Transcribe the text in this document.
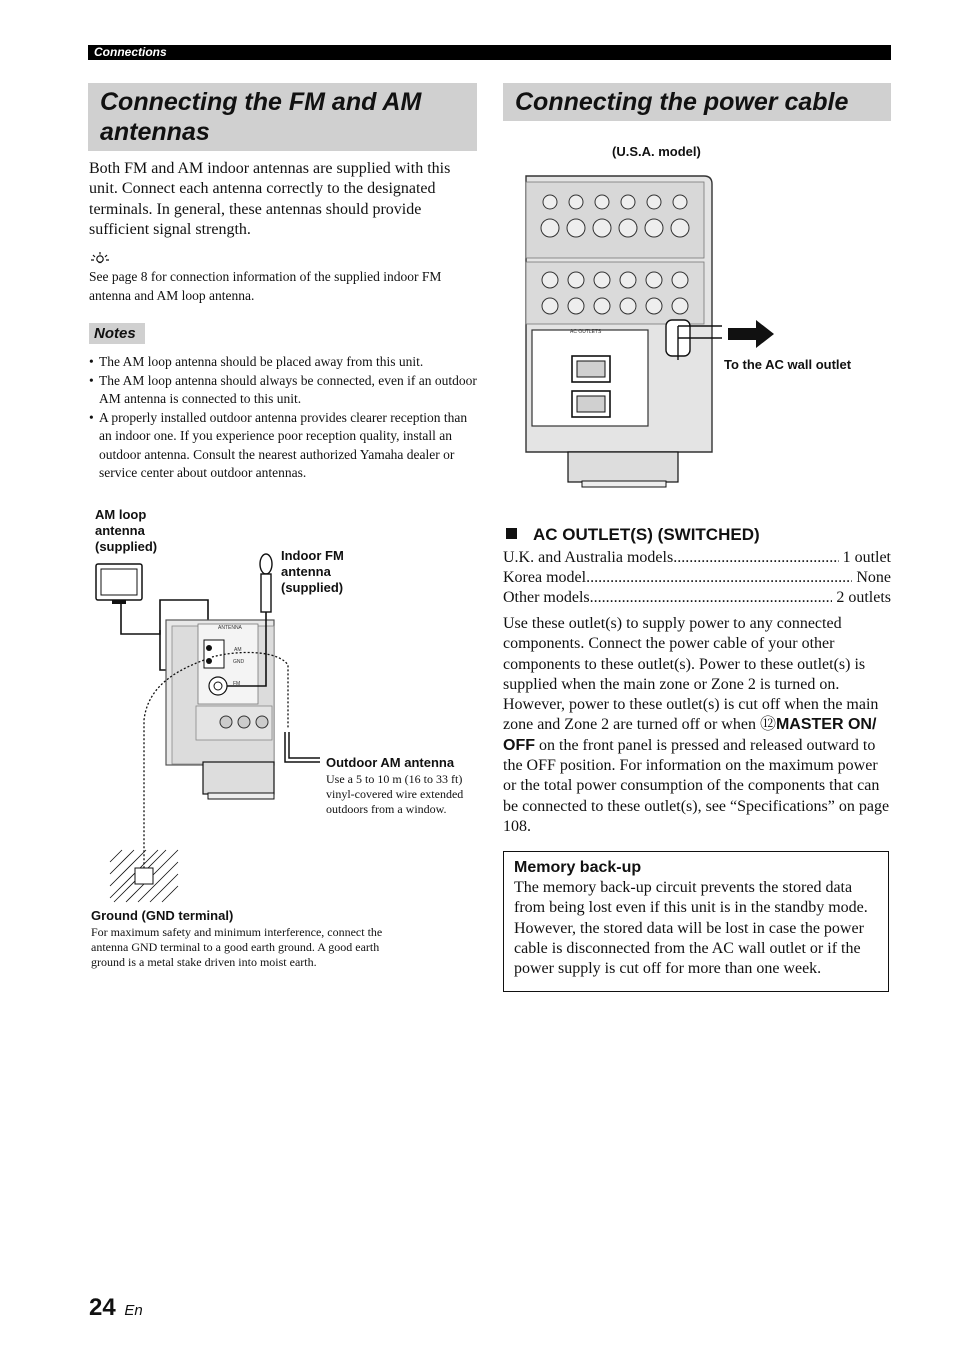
Connections
Connecting the FM and AM antennas

Both FM and AM indoor antennas are supplied with this unit. Connect each antenna correctly to the designated terminals. In general, these antennas should provide sufficient signal strength.

See page 8 for connection information of the supplied indoor FM antenna and AM loop antenna.

Notes
• The AM loop antenna should be placed away from this unit.
• The AM loop antenna should always be connected, even if an outdoor AM antenna is connected to this unit.
• A properly installed outdoor antenna provides clearer reception than an indoor one. If you experience poor reception quality, install an outdoor antenna. Consult the nearest authorized Yamaha dealer or service center about outdoor antennas.
ANTENNA
AM
GND
FM
AM loop antenna (supplied)
Indoor FM antenna (supplied)
Outdoor AM antenna
Use a 5 to 10 m (16 to 33 ft) vinyl-covered wire extended outdoors from a window.
Ground (GND terminal)
For maximum safety and minimum interference, connect the antenna GND terminal to a good earth ground. A good earth ground is a metal stake driven into moist earth.
Connecting the power cable
(U.S.A. model)
AC OUTLETS
To the AC wall outlet
AC OUTLET(S) (SWITCHED)
U.K. and Australia models .....	1 outlet
Korea model .....	None
Other models .....	2 outlets

Use these outlet(s) to supply power to any connected components. Connect the power cable of your other components to these outlet(s). Power to these outlet(s) is supplied when the main zone or Zone 2 is turned on. However, power to these outlet(s) is cut off when the main zone and Zone 2 are turned off or when ⑫MASTER ON/ OFF on the front panel is pressed and released outward to the OFF position. For information on the maximum power or the total power consumption of the components that can be connected to these outlet(s), see “Specifications” on page 108.

Memory back-up
The memory back-up circuit prevents the stored data from being lost even if this unit is in the standby mode. However, the stored data will be lost in case the power cable is disconnected from the AC wall outlet or if the power supply is cut off for more than one week.
24 En
